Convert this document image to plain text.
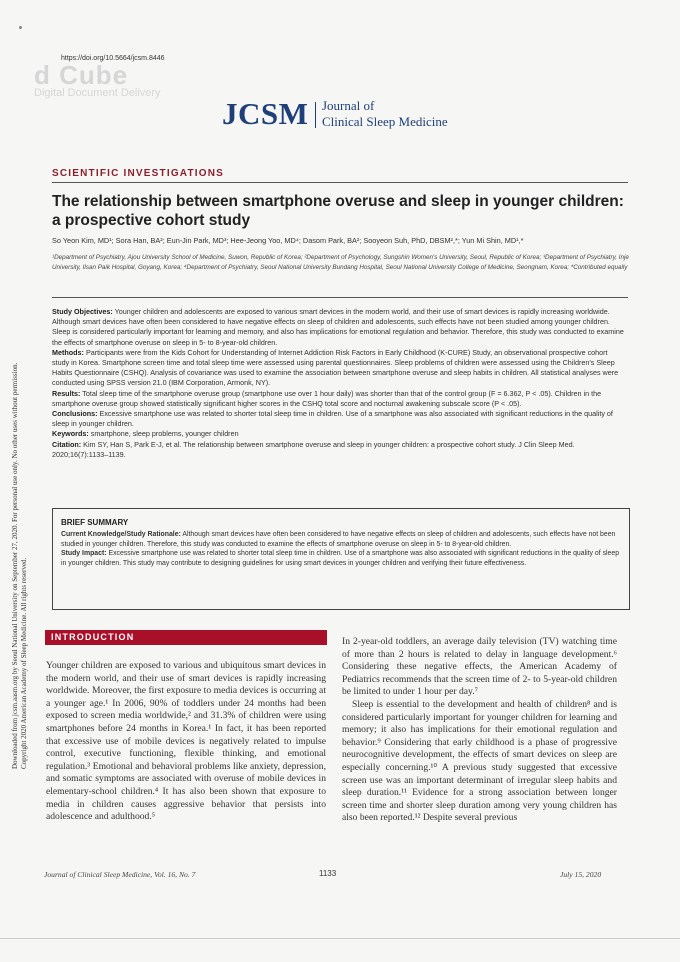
d Cube
Digital Document Delivery
https://doi.org/10.5664/jcsm.8446
JCSM Journal of
Clinical Sleep Medicine
SCIENTIFIC INVESTIGATIONS
The relationship between smartphone overuse and sleep in younger children:
a prospective cohort study
So Yeon Kim, MD¹; Sora Han, BA²; Eun-Jin Park, MD³; Hee-Jeong Yoo, MD⁴; Dasom Park, BA²; Sooyeon Suh, PhD, DBSM²,*; Yun Mi Shin, MD¹,*
¹Department of Psychiatry, Ajou University School of Medicine, Suwon, Republic of Korea; ²Department of Psychology, Sungshin Women's University, Seoul, Republic of Korea; ³Department of Psychiatry, Inje University, Ilsan Paik Hospital, Goyang, Korea; ⁴Department of Psychiatry, Seoul National University Bundang Hospital, Seoul National University College of Medicine, Seongnam, Korea; *Contributed equally

Study Objectives: Younger children and adolescents are exposed to various smart devices in the modern world, and their use of smart devices is rapidly increasing worldwide. Although smart devices have often been considered to have negative effects on sleep of children and adolescents, such effects have not been studied among younger children. Sleep is considered particularly important for learning and memory, and also has implications for emotional regulation and behavior. Therefore, this study was conducted to examine the effects of smartphone overuse on sleep in 5- to 8-year-old children.

Methods: Participants were from the Kids Cohort for Understanding of Internet Addiction Risk Factors in Early Childhood (K-CURE) Study, an observational prospective cohort study in Korea. Smartphone screen time and total sleep time were assessed using parental questionnaires. Sleep problems of children were assessed using the Children's Sleep Habits Questionnaire (CSHQ). Analysis of covariance was used to examine the association between smartphone overuse and sleep habits in children. All statistical analyses were conducted using SPSS version 21.0 (IBM Corporation, Armonk, NY).

Results: Total sleep time of the smartphone overuse group (smartphone use over 1 hour daily) was shorter than that of the control group (F = 6.362, P < .05). Children in the smartphone overuse group showed statistically significant higher scores in the CSHQ total score and nocturnal awakening subscale score (P < .05).

Conclusions: Excessive smartphone use was related to shorter total sleep time in children. Use of a smartphone was also associated with significant reductions in the quality of sleep in younger children.

Keywords: smartphone, sleep problems, younger children

Citation: Kim SY, Han S, Park E-J, et al. The relationship between smartphone overuse and sleep in younger children: a prospective cohort study. J Clin Sleep Med. 2020;16(7):1133–1139.

BRIEF SUMMARY

Current Knowledge/Study Rationale: Although smart devices have often been considered to have negative effects on sleep of children and adolescents, such effects have not been studied in younger children. Therefore, this study was conducted to examine the effects of smartphone overuse on sleep in 5- to 8-year-old children.

Study Impact: Excessive smartphone use was related to shorter total sleep time in children. Use of a smartphone was also associated with significant reductions in the quality of sleep in younger children. This study may contribute to designing guidelines for using smart devices in younger children and verifying their future effectiveness.

INTRODUCTION

Younger children are exposed to various and ubiquitous smart devices in the modern world, and their use of smart devices is rapidly increasing worldwide. Moreover, the first exposure to media devices is occurring at a younger age.¹ In 2006, 90% of toddlers under 24 months had been exposed to screen media worldwide,² and 31.3% of children were using smartphones before 24 months in Korea.¹ In fact, it has been reported that excessive use of mobile devices is negatively related to impulse control, executive functioning, flexible thinking, and emotional regulation.³ Emotional and behavioral problems like anxiety, depression, and somatic symptoms are associated with overuse of mobile devices in elementary-school children.⁴ It has also been shown that exposure to media in children causes aggressive behavior that persists into adolescence and adulthood.⁵

In 2-year-old toddlers, an average daily television (TV) watching time of more than 2 hours is related to delay in language development.⁶ Considering these negative effects, the American Academy of Pediatrics recommends that the screen time of 2- to 5-year-old children be limited to under 1 hour per day.⁷

Sleep is essential to the development and health of children⁸ and is considered particularly important for younger children for learning and memory; it also has implications for their emotional regulation and behavior.⁹ Considering that early childhood is a phase of progressive neurocognitive development, the effects of smart devices on sleep are especially concerning.¹⁰ A previous study suggested that excessive screen use was an important determinant of irregular sleep habits and sleep duration.¹¹ Evidence for a strong association between longer screen time and shorter sleep duration among very young children has also been reported.¹² Despite several previous

Journal of Clinical Sleep Medicine, Vol. 16, No. 7	1133	July 15, 2020
Downloaded from jcsm.aasm.org by Seoul National University on September 27, 2020. For personal use only. No other uses without permission. Copyright 2020 American Academy of Sleep Medicine. All rights reserved.
